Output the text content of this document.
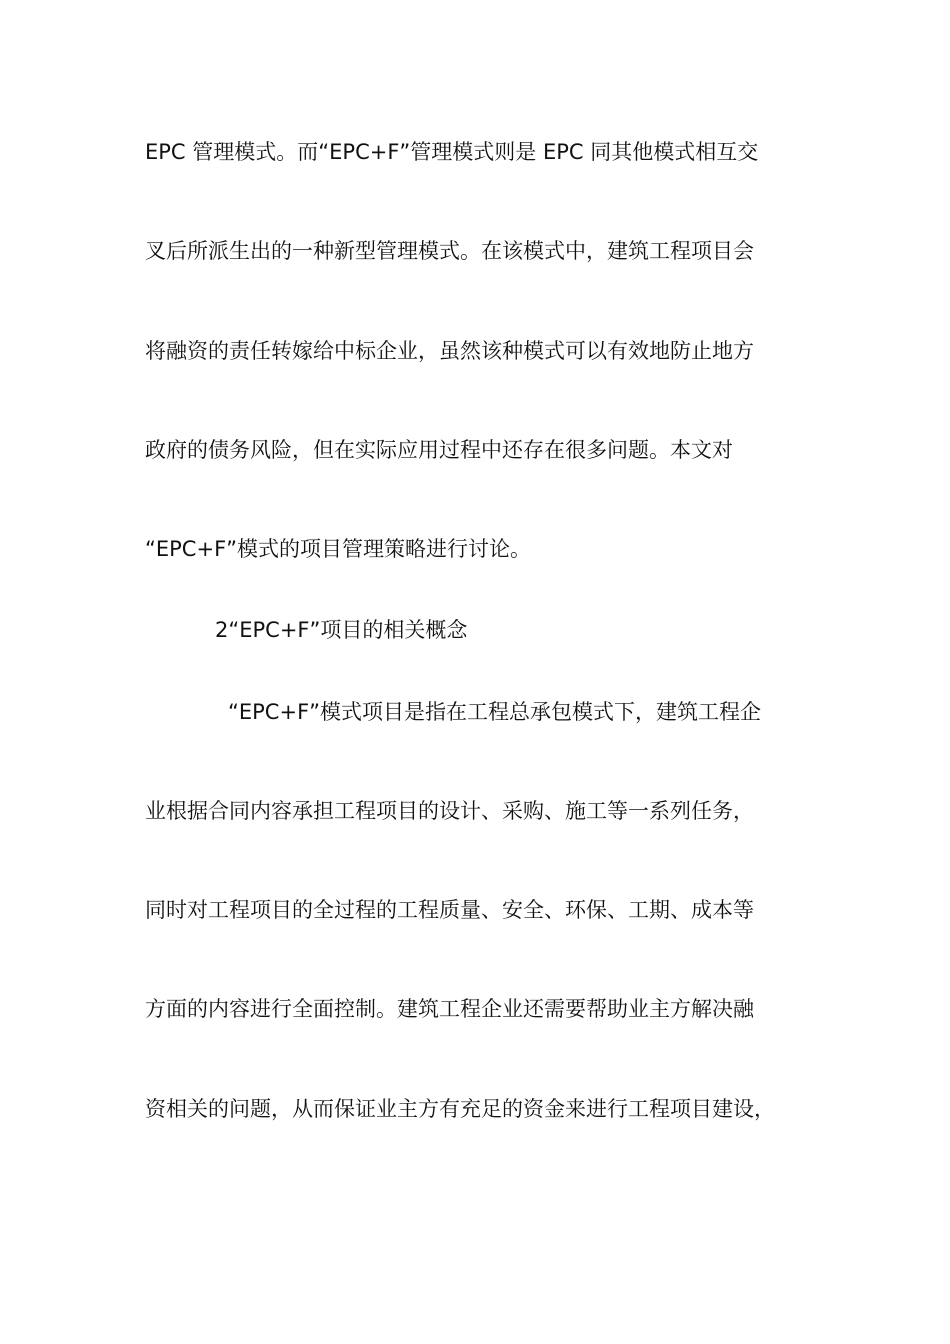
EPC 管理模式。而“EPC+F”管理模式则是 EPC 同其他模式相互交
叉后所派生出的一种新型管理模式。在该模式中，建筑工程项目会
将融资的责任转嫁给中标企业，虽然该种模式可以有效地防止地方
政府的债务风险，但在实际应用过程中还存在很多问题。本文对
“EPC+F”模式的项目管理策略进行讨论。
2“EPC+F”项目的相关概念
“EPC+F”模式项目是指在工程总承包模式下，建筑工程企
业根据合同内容承担工程项目的设计、采购、施工等一系列任务，
同时对工程项目的全过程的工程质量、安全、环保、工期、成本等
方面的内容进行全面控制。建筑工程企业还需要帮助业主方解决融
资相关的问题，从而保证业主方有充足的资金来进行工程项目建设，
